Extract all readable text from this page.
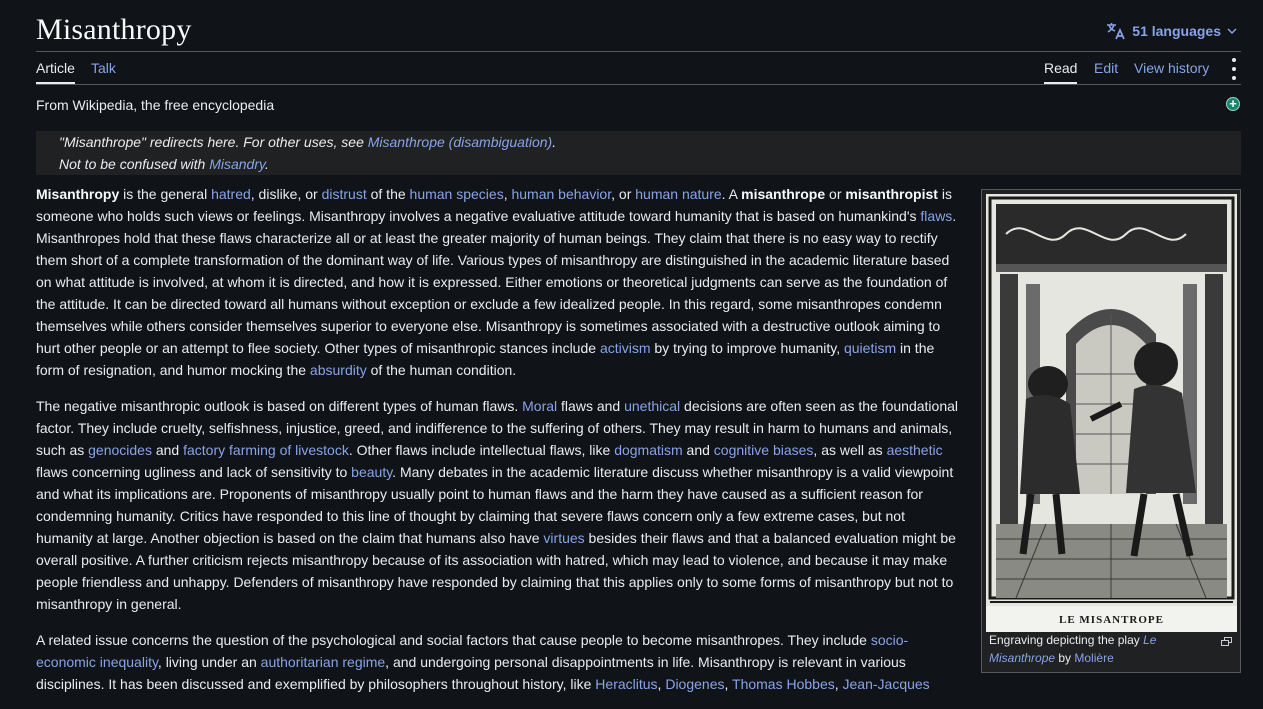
Misanthropy	51 languages
Article Talk	Read Edit View history
From Wikipedia, the free encyclopedia	+
"Misanthrope" redirects here. For other uses, see Misanthrope (disambiguation).
Not to be confused with Misandry.

Misanthropy is the general hatred, dislike, or distrust of the human species, human behavior, or human nature. A misanthrope or misanthropist is
someone who holds such views or feelings. Misanthropy involves a negative evaluative attitude toward humanity that is based on humankind's flaws.
Misanthropes hold that these flaws characterize all or at least the greater majority of human beings. They claim that there is no easy way to rectify
them short of a complete transformation of the dominant way of life. Various types of misanthropy are distinguished in the academic literature based
on what attitude is involved, at whom it is directed, and how it is expressed. Either emotions or theoretical judgments can serve as the foundation of
the attitude. It can be directed toward all humans without exception or exclude a few idealized people. In this regard, some misanthropes condemn
themselves while others consider themselves superior to everyone else. Misanthropy is sometimes associated with a destructive outlook aiming to
hurt other people or an attempt to flee society. Other types of misanthropic stances include activism by trying to improve humanity, quietism in the
form of resignation, and humor mocking the absurdity of the human condition.

The negative misanthropic outlook is based on different types of human flaws. Moral flaws and unethical decisions are often seen as the foundational
factor. They include cruelty, selfishness, injustice, greed, and indifference to the suffering of others. They may result in harm to humans and animals,
such as genocides and factory farming of livestock. Other flaws include intellectual flaws, like dogmatism and cognitive biases, as well as aesthetic
flaws concerning ugliness and lack of sensitivity to beauty. Many debates in the academic literature discuss whether misanthropy is a valid viewpoint
and what its implications are. Proponents of misanthropy usually point to human flaws and the harm they have caused as a sufficient reason for
condemning humanity. Critics have responded to this line of thought by claiming that severe flaws concern only a few extreme cases, but not
humanity at large. Another objection is based on the claim that humans also have virtues besides their flaws and that a balanced evaluation might be
overall positive. A further criticism rejects misanthropy because of its association with hatred, which may lead to violence, and because it may make
people friendless and unhappy. Defenders of misanthropy have responded by claiming that this applies only to some forms of misanthropy but not to
misanthropy in general.

A related issue concerns the question of the psychological and social factors that cause people to become misanthropes. They include socio-
economic inequality, living under an authoritarian regime, and undergoing personal disappointments in life. Misanthropy is relevant in various
disciplines. It has been discussed and exemplified by philosophers throughout history, like Heraclitus, Diogenes, Thomas Hobbes, Jean-Jacques

LE MISANTROPE
Engraving depicting the play Le Misanthrope by Molière
